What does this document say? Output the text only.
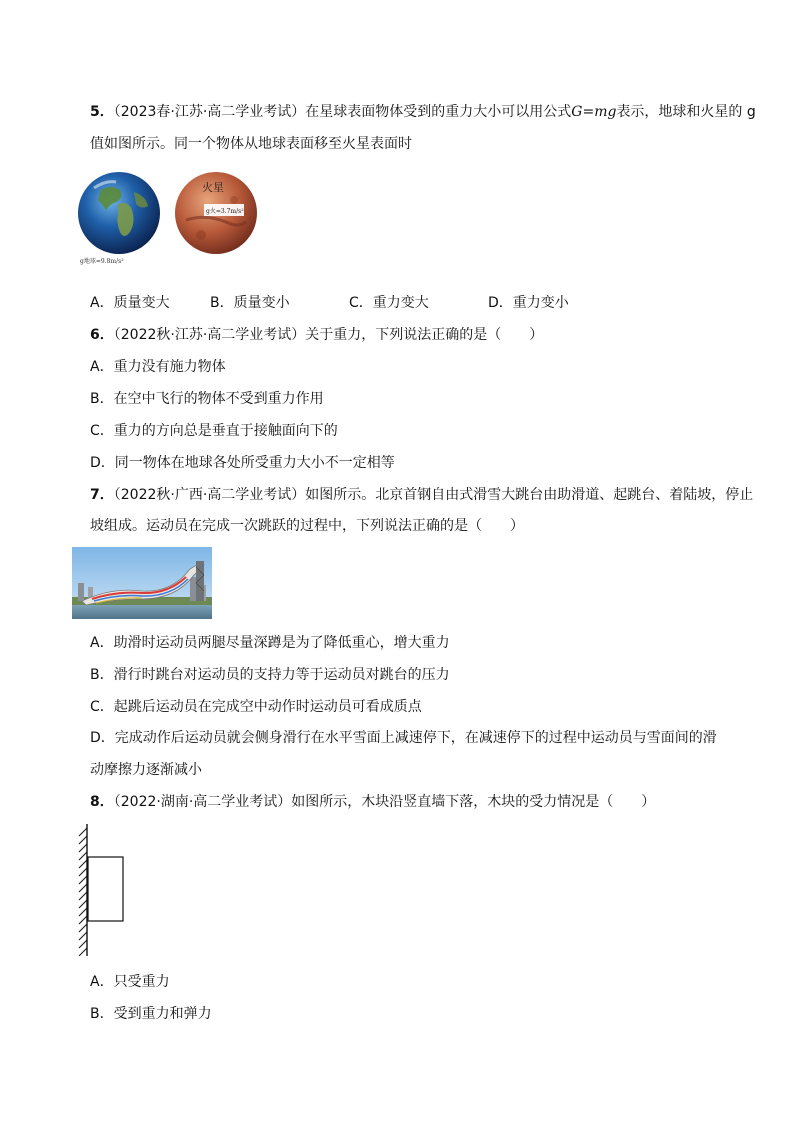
5．（2023春·江苏·高二学业考试）在星球表面物体受到的重力大小可以用公式G=mg表示，地球和火星的 g
值如图所示。同一个物体从地球表面移至火星表面时
火星
g火=3.7m/s²
g地球=9.8m/s²
A．质量变大	B．质量变小	C．重力变大	D．重力变小
6．（2022秋·江苏·高二学业考试）关于重力，下列说法正确的是（　　）
A．重力没有施力物体
B．在空中飞行的物体不受到重力作用
C．重力的方向总是垂直于接触面向下的
D．同一物体在地球各处所受重力大小不一定相等
7．（2022秋·广西·高二学业考试）如图所示。北京首钢自由式滑雪大跳台由助滑道、起跳台、着陆坡，停止
坡组成。运动员在完成一次跳跃的过程中，下列说法正确的是（　　）
A．助滑时运动员两腿尽量深蹲是为了降低重心，增大重力
B．滑行时跳台对运动员的支持力等于运动员对跳台的压力
C．起跳后运动员在完成空中动作时运动员可看成质点
D．完成动作后运动员就会侧身滑行在水平雪面上减速停下，在减速停下的过程中运动员与雪面间的滑
动摩擦力逐渐减小
8．（2022·湖南·高二学业考试）如图所示，木块沿竖直墙下落，木块的受力情况是（　　）
A．只受重力
B．受到重力和弹力
